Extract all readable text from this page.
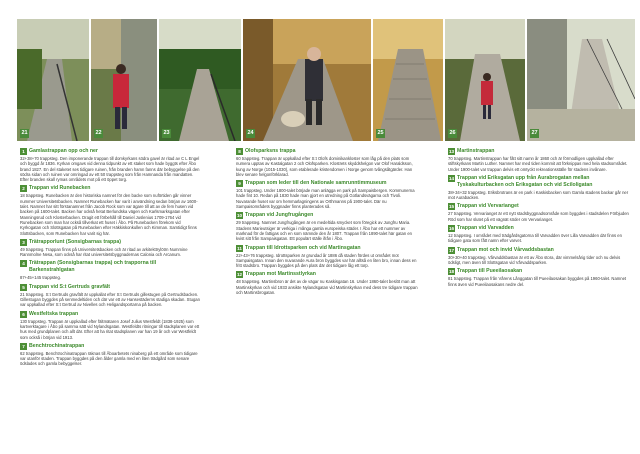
21	22	23	24	25	26	27
1 Gamlastrappan opp och ner
32+38+70 trappsteg. Den imponerande trappan till domkyrkans södra gavel är ritad av C L Engel och byggd år 1836. Kyrkan omgavs vid denna tidpunkt av ett staket som hade byggts efter Åbo brand 1827. En del staketet ses tidigare ruinen, från branden hamn fanns där bebyggelse på den södra sidan och ruinen var omringad av ett 50 trappsteg som från Hamnanda från mandatten. Efter branden skall rymas områdets mot på ett öppet torg.
2 Trappan vid Runebacken
18 trappsteg. Runebacken är den historiska namnet för den backe som nuförtiden går vinner nummer Universitetsbacken. Namnet Runebacken har varit i användning sedan början av 1600-talet. Namnet har sitt förstanamnet från Jacob Rock som var ägare till att av de fem husen vid backen på 1600-talet. Backen har också hetat Berlundska vägen och Karlsmarksgatan efter Manningsrud och Klosterbacken. Dragit ett förbehåll till Daniel Juslenius 1709-1764 vid Runebacken som man har också tillverkat ett huset i Åbo. På Runebacken förekom vid Kyrkogatan och Slottsgatan på Runebacken efter Häkkiskonkullen och Kimman. Samtidigt finns Slottsbacken, som Runebacken har varit sig här.
3 Trätrapporlunt (Sonsigbarnas trappa)
49 trappsteg. Trappan finns på Universitetsbacken och är ritad av arkitekttrylötrn Nummine Rannmolne Nesa, som också har ritat universitetsbyggnadernas Calonia och Arcanum.
4 Trätrappan (Sonsigbarnas trappa) och trapporna till Barkenstrahlgatan
87+45+145 trappsteg.
5 Trappan vid S:t Gertruds gravfält
21 trappsteg. S:t Gertruds gravfält är uppkallat efter S:t Gertruds gillestugen på Gertrudsbacken. Gillestugan byggdes på senmedeltiden och där var ett av Hansestäderns stadiga skadan. Stugan var uppkallad efter S:t Gertrud av Nivelles och Heligandsportarna på backen.
6 Westfeltska trappan
130 trappsteg. Trappan är uppkallad efter fältmätaren Josef Julius Westfeldt (1838-1925) som kartverktagare i Åbo på samma sätt vid Nylandsgatan. Westfeldts ritningar till stadsplanen var ett hus med grundplanen och allt där. Efter att ha ritat stadsplanen var han 19 år och var Westfeldt som också i början vid 1913.
7 Benchtrochinatrappan
62 trappsteg. Benchtrochinatrappan räknas till Åboarbetets ninaberg på ett område som tidigare var utanför staden. Trappan byggdes på den ålder gamla med en liten trädgård som senare ödslades och gamla bebyggelser.
8 Olofsparksns trappa
60 trappsteg. Trappan är uppkallad efter S:t Olofs dominikankloster som låg på den plats som numera upptas av Kastalgatan 2 och Olofsparken. Klostrets skyddshelgon var Olof Haraldsson, kung av Norge (1015-1030), som etablerade kristendomen i Norge genom tvångsåtgärder. Han blev senare helgonförklarad.
9 Trappan som leder till den Nationale samrunntimmuseum
101 trappsteg. Under 1800-talet började man anlägga en park på Sampaisbergen. Kommunerna hade fint 10. Redan på 1830 hade man gjort en utredning på Gotlandsvägarna och Tivoli. Nuvarande huset var om hemmarlagningens av Orthmanns på 1900-talet. Där nu Sampaisområdets byggnader finns planterades så.
10 Trappan vid Jungfrugången
29 trappsteg. Namnet Jungfrugången är en medeltida smycket som föregick av Jungfru Maria. Stadens Marieutsiger är verkiga i många gamla europeiska städer. I Åbo har ett nummer av marknad för de fattigas och en som nämnde den år 1807. Trappan från 1890-talet här gatan en kvist sitt från Sampaisgatan. Ett populärt ställe ifrån i Åbo.
11 Trappan till Idrottsparken och vid Martinsgatan
22+43+76 trappsteg. Idrottsparken är grundad år 1886 då staden fördes ut området mot Sampaisgatan. Innan den nuvarande Aura bron byggdes var här alltså en liten bro, innan dess en fritt stadsbro. Trappan byggdes på den plats där det tidigare låg ett torp.
12 Trappan mot Martinsstlyrkan
48 trappsteg. Martinsbron är det av de vägar nu Kaskisgatan 16. Under 1860-talet beslöt man att Martinskyrkan och vid 1933 ansikte Nylandsgatan vid Martinskyrkan med dess tre tidigare trappan och Martinsbrogatan.
13 Martinstrappan
70 trappsteg. Martinstrappan har fått sitt namn år 1860 och är förmodligen uppkallad efter stiftskyrkans Martin Luther. Namnet har med tiden kommit att förknippas med hela stadsområdet. Under 1900-talet var trappan delvis ett omtyckt rekreationsställe för stadens invånare.
14 Trappan vid Eriksgatan upp från Aurabrogatan mellan Tyskakulturbacken och Eriksgatan och vid Sciloligatan
38+34+32 trappsteg. Eriksbrotrans är en park i Kaskisbacken som Gamla stadens backar går ner mot Aurabacken.
15 Trappan vid Vervarianget
27 trappsteg. Vervarianget är ett nytt stadsbyggnadsområde som byggdes i stadsdelen Förbjuden Röd som har slutet på ett vägnät söder om Vervarianget.
16 Trappan vid Varvadden
12 trappsteg. I området med trädgårdsgatorna till Varvadden över Lilla Varvadden där finns en tidigare gata som fått namn efter varvet.
17 Trappan mot och invid Vårvaddsbastan
30+30+40 trappsteg. Vårvaddsbastan är ett av Åbo stora, där vimmelsårig tider och nu delvis ödsligt, men även till Slottsgatan vid Vårvaddsparken.
18 Trappan till Pueeilaosakan
81 trappsteg. Trappan från Vårens Långgatan till Pueeilaosakan byggdes på 1960-talet. Namnet finns även vid Pueeilaosakans nedre del.
